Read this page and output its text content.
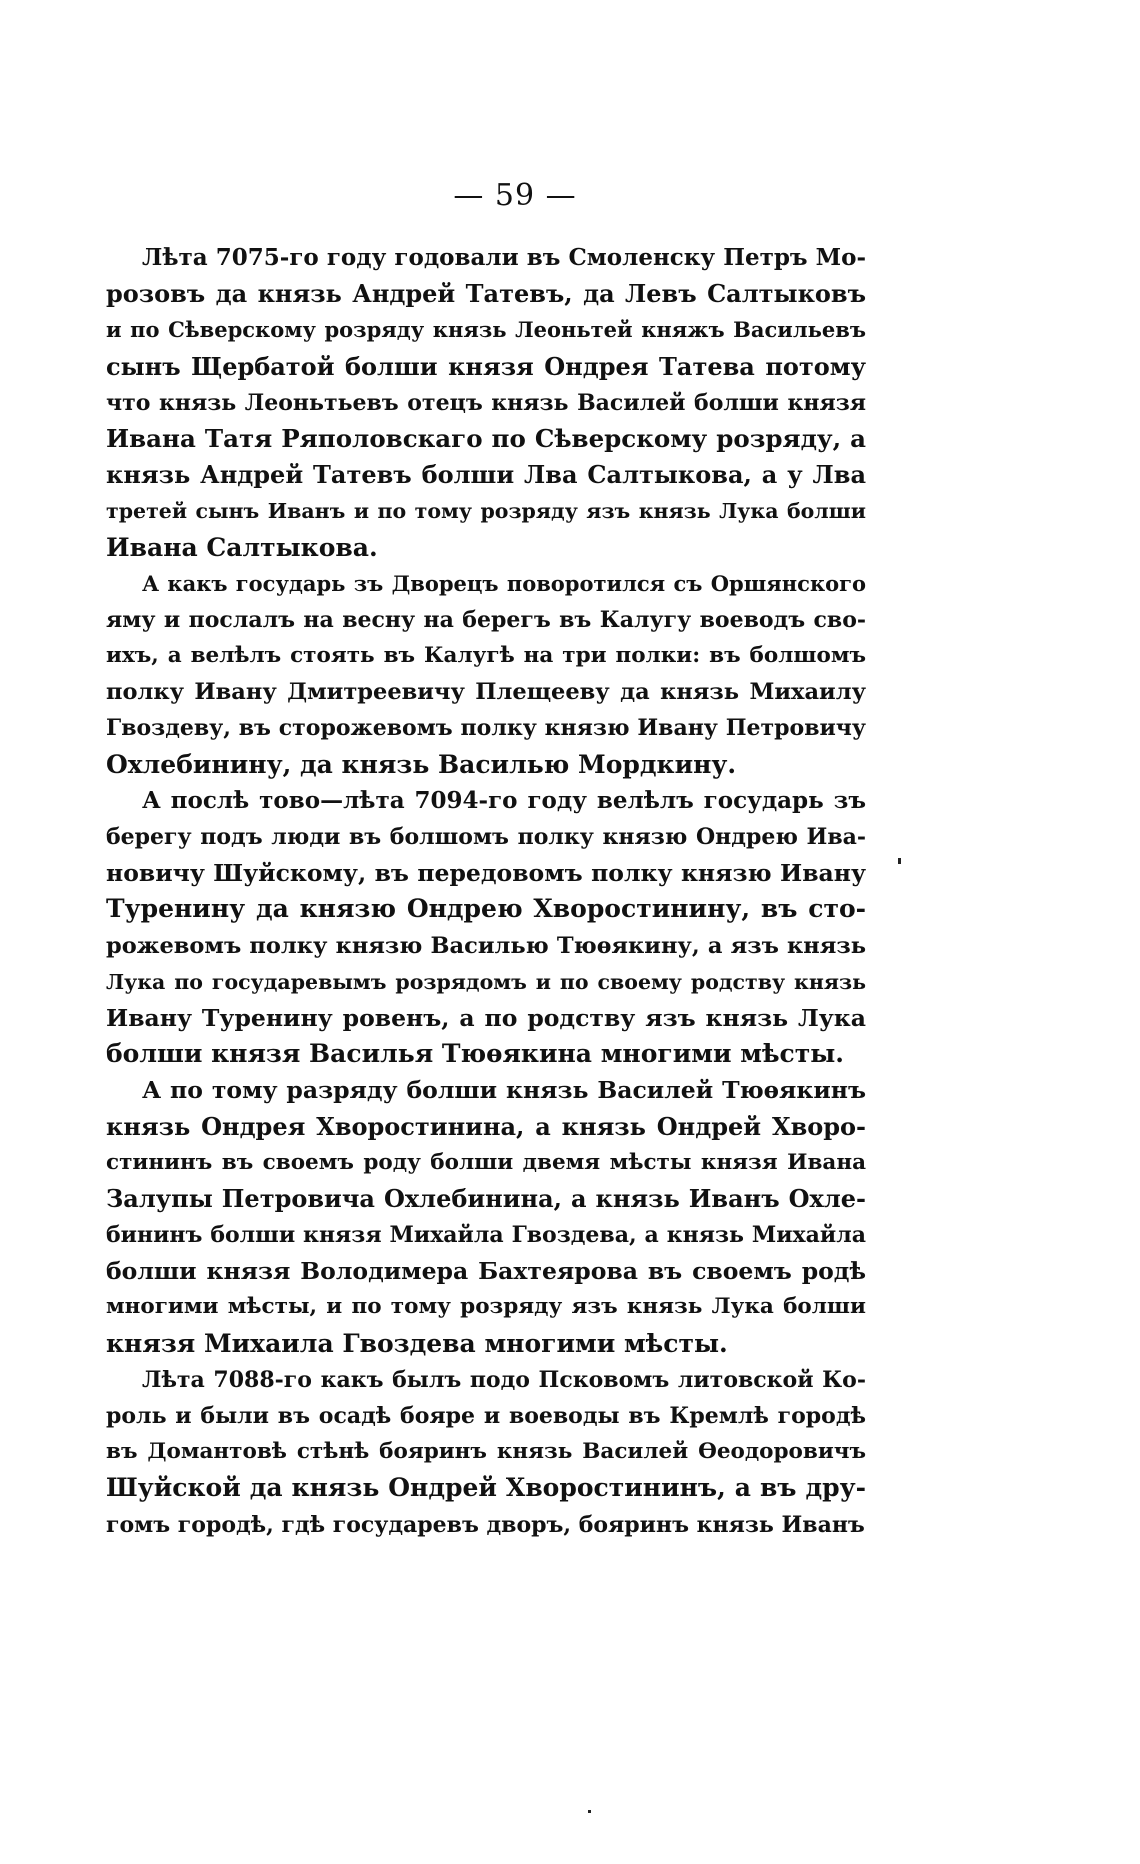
— 59 —
Лѣта 7075-го году годовали въ Смоленску Петръ Мо-
розовъ да князь Андрей Татевъ, да Левъ Салтыковъ
и по Сѣверскому розряду князь Леоньтей княжъ Васильевъ
сынъ Щербатой болши князя Ондрея Татева потому
что князь Леоньтьевъ отецъ князь Василей болши князя
Ивана Татя Ряполовскаго по Сѣверскому розряду, а
князь Андрей Татевъ болши Лва Салтыкова, а у Лва
третей сынъ Иванъ и по тому розряду язъ князь Лука болши
Ивана Салтыкова.
А какъ государь зъ Дворецъ поворотился съ Оршянского
яму и послалъ на весну на берегъ въ Калугу воеводъ сво-
ихъ, а велѣлъ стоять въ Калугѣ на три полки: въ болшомъ
полку Ивану Дмитреевичу Плещееву да князь Михаилу
Гвоздеву, въ сторожевомъ полку князю Ивану Петровичу
Охлебинину, да князь Василью Мордкину.
А послѣ тово—лѣта 7094-го году велѣлъ государь зъ
берегу подъ люди въ болшомъ полку князю Ондрею Ива-
новичу Шуйскому, въ передовомъ полку князю Ивану
Туренину да князю Ондрею Хворостинину, въ сто-
рожевомъ полку князю Василью Тюѳякину, а язъ князь
Лука по государевымъ розрядомъ и по своему родству князь
Ивану Туренину ровенъ, а по родству язъ князь Лука
болши князя Василья Тюѳякина многими мѣсты.
А по тому разряду болши князь Василей Тюѳякинъ
князь Ондрея Хворостинина, а князь Ондрей Хворо-
стининъ въ своемъ роду болши двемя мѣсты князя Ивана
Залупы Петровича Охлебинина, а князь Иванъ Охле-
бининъ болши князя Михайла Гвоздева, а князь Михайла
болши князя Володимера Бахтеярова въ своемъ родѣ
многими мѣсты, и по тому розряду язъ князь Лука болши
князя Михаила Гвоздева многими мѣсты.
Лѣта 7088-го какъ былъ подо Псковомъ литовской Ко-
роль и были въ осадѣ бояре и воеводы въ Кремлѣ городѣ
въ Домантовѣ стѣнѣ бояринъ князь Василей Ѳеодоровичъ
Шуйской да князь Ондрей Хворостининъ, а въ дру-
гомъ городѣ, гдѣ государевъ дворъ, бояринъ князь Иванъ
